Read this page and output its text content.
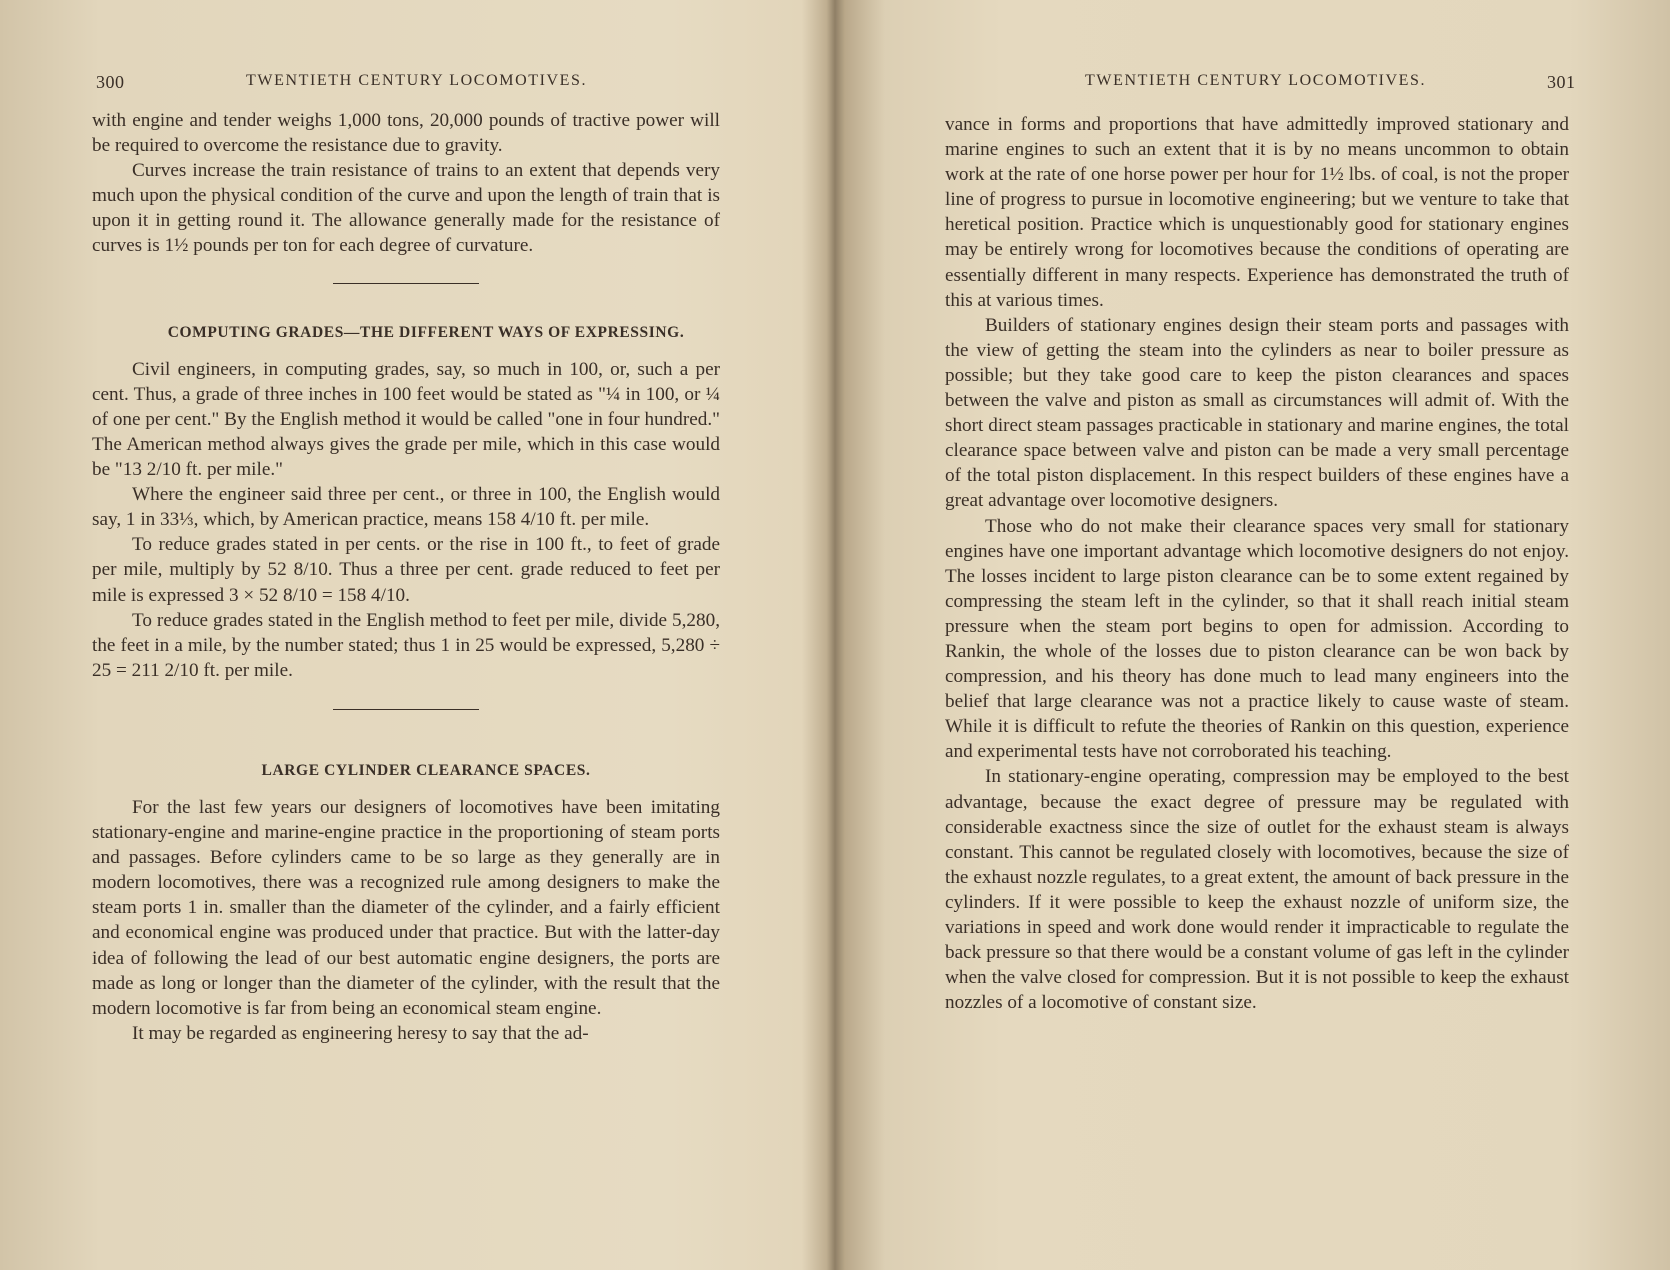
300	TWENTIETH CENTURY LOCOMOTIVES.

with engine and tender weighs 1,000 tons, 20,000 pounds of tractive power will be required to overcome the resistance due to gravity.

Curves increase the train resistance of trains to an extent that depends very much upon the physical condition of the curve and upon the length of train that is upon it in getting round it. The allowance generally made for the resistance of curves is 1½ pounds per ton for each degree of curvature.

COMPUTING GRADES—THE DIFFERENT WAYS OF EXPRESSING.

Civil engineers, in computing grades, say, so much in 100, or, such a per cent. Thus, a grade of three inches in 100 feet would be stated as "¼ in 100, or ¼ of one per cent." By the English method it would be called "one in four hundred." The American method always gives the grade per mile, which in this case would be "13 2/10 ft. per mile."

Where the engineer said three per cent., or three in 100, the English would say, 1 in 33⅓, which, by American practice, means 158 4/10 ft. per mile.

To reduce grades stated in per cents. or the rise in 100 ft., to feet of grade per mile, multiply by 52 8/10. Thus a three per cent. grade reduced to feet per mile is expressed 3 × 52 8/10 = 158 4/10.

To reduce grades stated in the English method to feet per mile, divide 5,280, the feet in a mile, by the number stated; thus 1 in 25 would be expressed, 5,280 ÷ 25 = 211 2/10 ft. per mile.

LARGE CYLINDER CLEARANCE SPACES.

For the last few years our designers of locomotives have been imitating stationary-engine and marine-engine practice in the proportioning of steam ports and passages. Before cylinders came to be so large as they generally are in modern locomotives, there was a recognized rule among designers to make the steam ports 1 in. smaller than the diameter of the cylinder, and a fairly efficient and economical engine was produced under that practice. But with the latter-day idea of following the lead of our best automatic engine designers, the ports are made as long or longer than the diameter of the cylinder, with the result that the modern locomotive is far from being an economical steam engine.

It may be regarded as engineering heresy to say that the ad-

TWENTIETH CENTURY LOCOMOTIVES.	301

vance in forms and proportions that have admittedly improved stationary and marine engines to such an extent that it is by no means uncommon to obtain work at the rate of one horse power per hour for 1½ lbs. of coal, is not the proper line of progress to pursue in locomotive engineering; but we venture to take that heretical position. Practice which is unquestionably good for stationary engines may be entirely wrong for locomotives because the conditions of operating are essentially different in many respects. Experience has demonstrated the truth of this at various times.

Builders of stationary engines design their steam ports and passages with the view of getting the steam into the cylinders as near to boiler pressure as possible; but they take good care to keep the piston clearances and spaces between the valve and piston as small as circumstances will admit of. With the short direct steam passages practicable in stationary and marine engines, the total clearance space between valve and piston can be made a very small percentage of the total piston displacement. In this respect builders of these engines have a great advantage over locomotive designers.

Those who do not make their clearance spaces very small for stationary engines have one important advantage which locomotive designers do not enjoy. The losses incident to large piston clearance can be to some extent regained by compressing the steam left in the cylinder, so that it shall reach initial steam pressure when the steam port begins to open for admission. According to Rankin, the whole of the losses due to piston clearance can be won back by compression, and his theory has done much to lead many engineers into the belief that large clearance was not a practice likely to cause waste of steam. While it is difficult to refute the theories of Rankin on this question, experience and experimental tests have not corroborated his teaching.

In stationary-engine operating, compression may be employed to the best advantage, because the exact degree of pressure may be regulated with considerable exactness since the size of outlet for the exhaust steam is always constant. This cannot be regulated closely with locomotives, because the size of the exhaust nozzle regulates, to a great extent, the amount of back pressure in the cylinders. If it were possible to keep the exhaust nozzle of uniform size, the variations in speed and work done would render it impracticable to regulate the back pressure so that there would be a constant volume of gas left in the cylinder when the valve closed for compression. But it is not possible to keep the exhaust nozzles of a locomotive of constant size.
